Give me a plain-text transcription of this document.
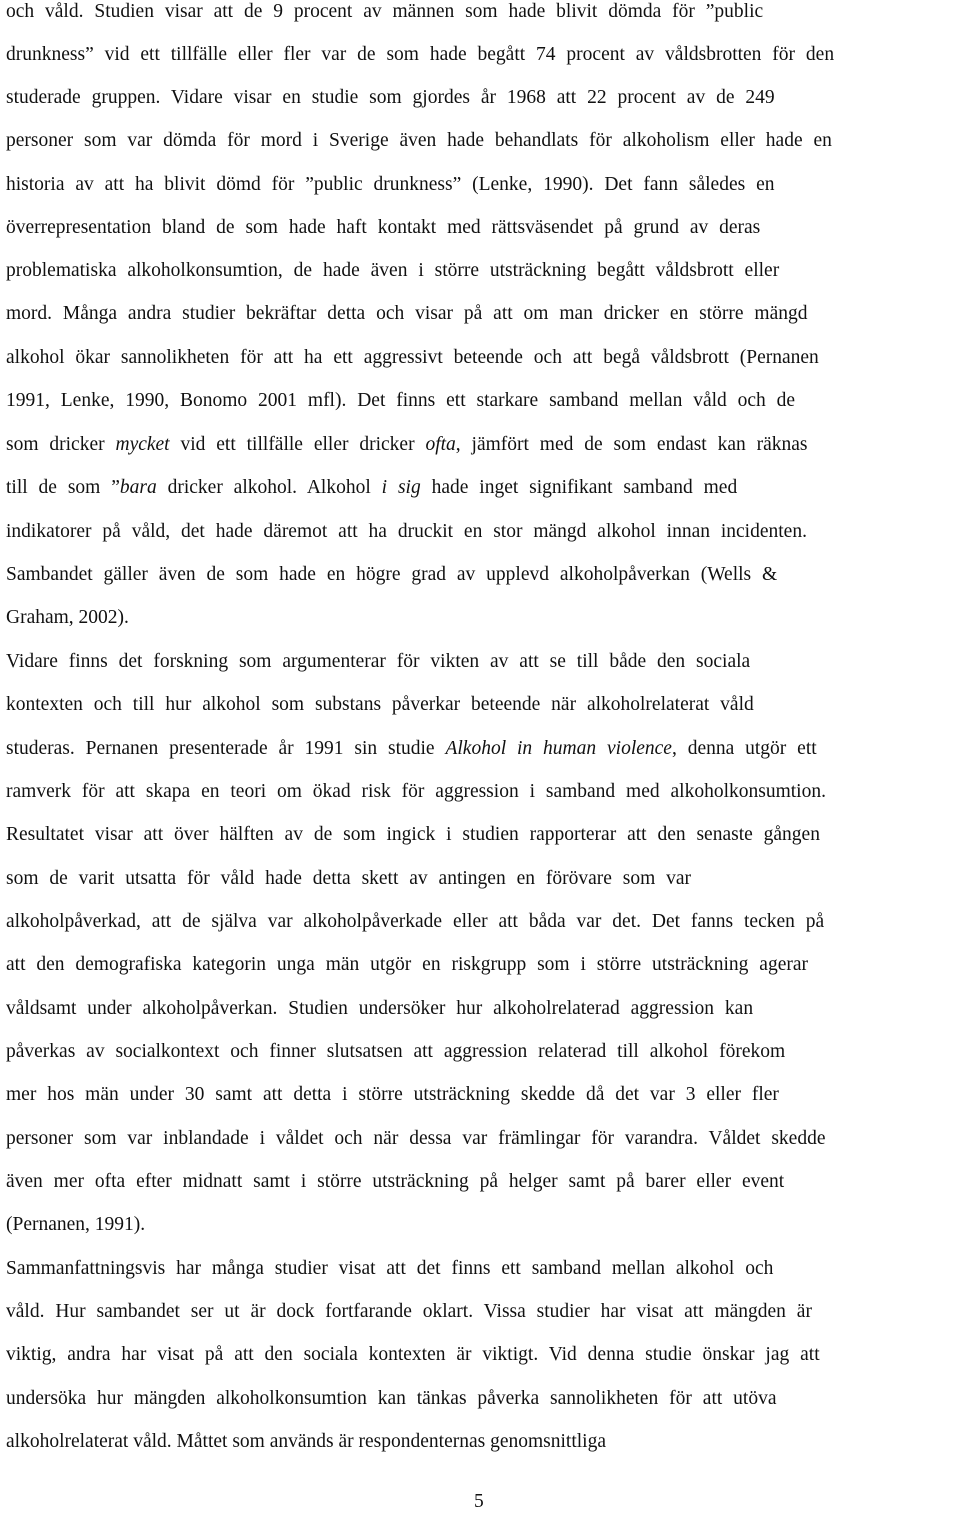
och våld. Studien visar att de 9 procent av männen som hade blivit dömda för ”public
drunkness” vid ett tillfälle eller fler var de som hade begått 74 procent av våldsbrotten för den
studerade gruppen. Vidare visar en studie som gjordes år 1968 att 22 procent av de 249
personer som var dömda för mord i Sverige även hade behandlats för alkoholism eller hade en
historia av att ha blivit dömd för ”public drunkness” (Lenke, 1990). Det fann således en
överrepresentation bland de som hade haft kontakt med rättsväsendet på grund av deras
problematiska alkoholkonsumtion, de hade även i större utsträckning begått våldsbrott eller
mord. Många andra studier bekräftar detta och visar på att om man dricker en större mängd
alkohol ökar sannolikheten för att ha ett aggressivt beteende och att begå våldsbrott (Pernanen
1991, Lenke, 1990, Bonomo 2001 mfl). Det finns ett starkare samband mellan våld och de
som dricker mycket vid ett tillfälle eller dricker ofta, jämfört med de som endast kan räknas
till de som ”bara dricker alkohol. Alkohol i sig hade inget signifikant samband med
indikatorer på våld, det hade däremot att ha druckit en stor mängd alkohol innan incidenten.
Sambandet gäller även de som hade en högre grad av upplevd alkoholpåverkan (Wells &
Graham, 2002).
Vidare finns det forskning som argumenterar för vikten av att se till både den sociala
kontexten och till hur alkohol som substans påverkar beteende när alkoholrelaterat våld
studeras. Pernanen presenterade år 1991 sin studie Alkohol in human violence, denna utgör ett
ramverk för att skapa en teori om ökad risk för aggression i samband med alkoholkonsumtion.
Resultatet visar att över hälften av de som ingick i studien rapporterar att den senaste gången
som de varit utsatta för våld hade detta skett av antingen en förövare som var
alkoholpåverkad, att de själva var alkoholpåverkade eller att båda var det. Det fanns tecken på
att den demografiska kategorin unga män utgör en riskgrupp som i större utsträckning agerar
våldsamt under alkoholpåverkan. Studien undersöker hur alkoholrelaterad aggression kan
påverkas av socialkontext och finner slutsatsen att aggression relaterad till alkohol förekom
mer hos män under 30 samt att detta i större utsträckning skedde då det var 3 eller fler
personer som var inblandade i våldet och när dessa var främlingar för varandra. Våldet skedde
även mer ofta efter midnatt samt i större utsträckning på helger samt på barer eller event
(Pernanen, 1991).
Sammanfattningsvis har många studier visat att det finns ett samband mellan alkohol och
våld. Hur sambandet ser ut är dock fortfarande oklart. Vissa studier har visat att mängden är
viktig, andra har visat på att den sociala kontexten är viktigt. Vid denna studie önskar jag att
undersöka hur mängden alkoholkonsumtion kan tänkas påverka sannolikheten för att utöva
alkoholrelaterat våld. Måttet som används är respondenternas genomsnittliga
5
